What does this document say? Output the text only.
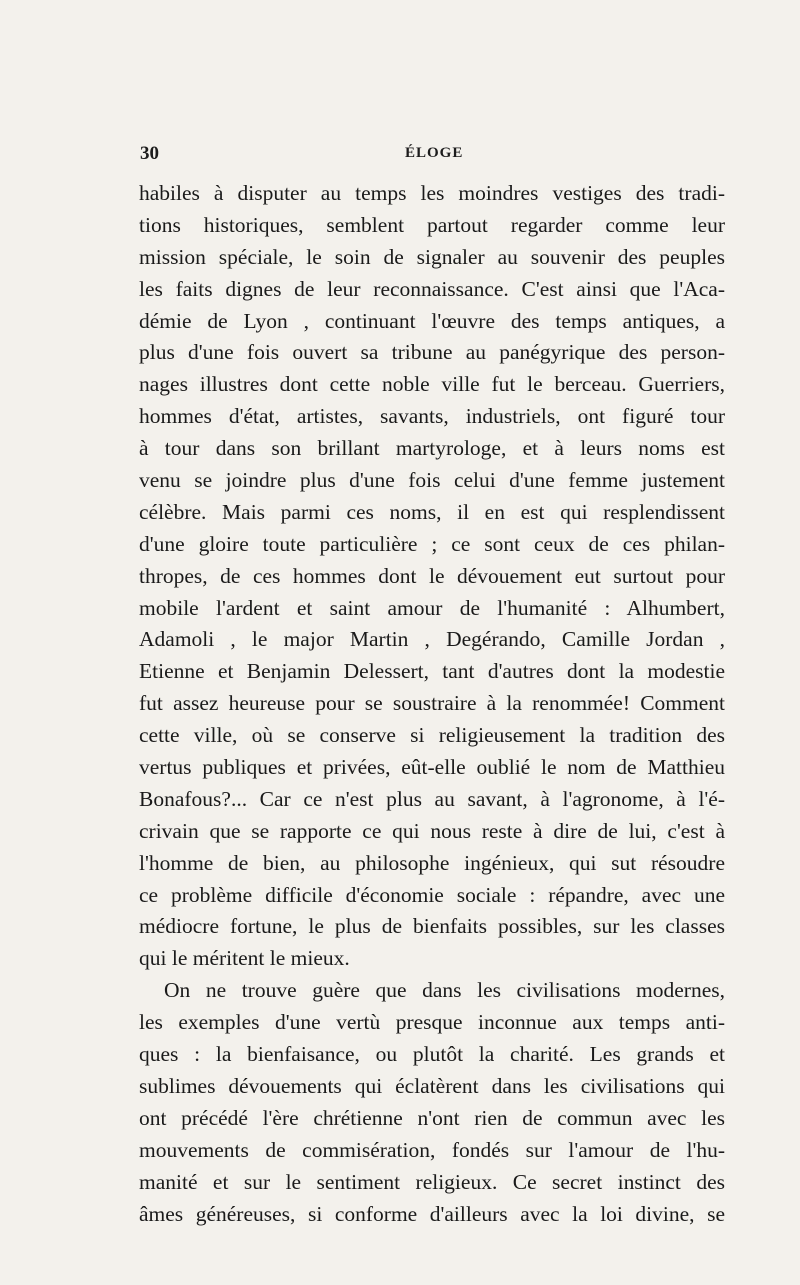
30	ÉLOGE
habiles à disputer au temps les moindres vestiges des tradi-
tions historiques, semblent partout regarder comme leur
mission spéciale, le soin de signaler au souvenir des peuples
les faits dignes de leur reconnaissance. C'est ainsi que l'Aca-
démie de Lyon , continuant l'œuvre des temps antiques, a
plus d'une fois ouvert sa tribune au panégyrique des person-
nages illustres dont cette noble ville fut le berceau. Guerriers,
hommes d'état, artistes, savants, industriels, ont figuré tour
à tour dans son brillant martyrologe, et à leurs noms est
venu se joindre plus d'une fois celui d'une femme justement
célèbre. Mais parmi ces noms, il en est qui resplendissent
d'une gloire toute particulière ; ce sont ceux de ces philan-
thropes, de ces hommes dont le dévouement eut surtout pour
mobile l'ardent et saint amour de l'humanité : Alhumbert,
Adamoli , le major Martin , Degérando, Camille Jordan ,
Etienne et Benjamin Delessert, tant d'autres dont la modestie
fut assez heureuse pour se soustraire à la renommée! Comment
cette ville, où se conserve si religieusement la tradition des
vertus publiques et privées, eût-elle oublié le nom de Matthieu
Bonafous?... Car ce n'est plus au savant, à l'agronome, à l'é-
crivain que se rapporte ce qui nous reste à dire de lui, c'est à
l'homme de bien, au philosophe ingénieux, qui sut résoudre
ce problème difficile d'économie sociale : répandre, avec une
médiocre fortune, le plus de bienfaits possibles, sur les classes
qui le méritent le mieux.
On ne trouve guère que dans les civilisations modernes,
les exemples d'une vertù presque inconnue aux temps anti-
ques : la bienfaisance, ou plutôt la charité. Les grands et
sublimes dévouements qui éclatèrent dans les civilisations qui
ont précédé l'ère chrétienne n'ont rien de commun avec les
mouvements de commisération, fondés sur l'amour de l'hu-
manité et sur le sentiment religieux. Ce secret instinct des
âmes généreuses, si conforme d'ailleurs avec la loi divine, se
